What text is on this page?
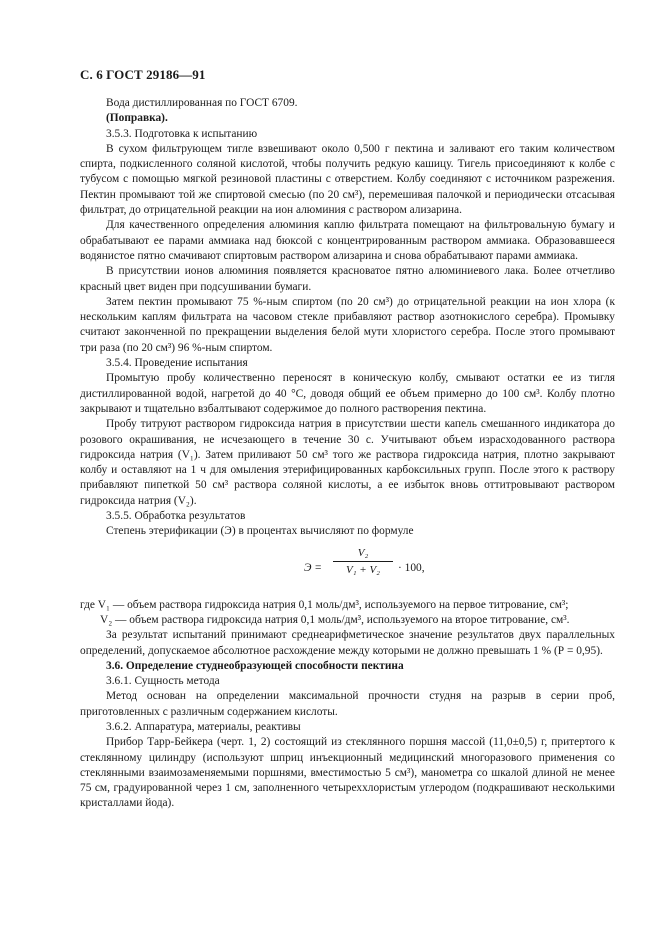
С. 6 ГОСТ 29186—91

Вода дистиллированная по ГОСТ 6709.

(Поправка).

3.5.3. Подготовка к испытанию

В сухом фильтрующем тигле взвешивают около 0,500 г пектина и заливают его таким количеством спирта, подкисленного соляной кислотой, чтобы получить редкую кашицу. Тигель присоединяют к колбе с тубусом с помощью мягкой резиновой пластины с отверстием. Колбу соединяют с источником разрежения. Пектин промывают той же спиртовой смесью (по 20 см³), перемешивая палочкой и периодически отсасывая фильтрат, до отрицательной реакции на ион алюминия с раствором ализарина.

Для качественного определения алюминия каплю фильтрата помещают на фильтровальную бумагу и обрабатывают ее парами аммиака над бюксой с концентрированным раствором аммиака. Образовавшееся водянистое пятно смачивают спиртовым раствором ализарина и снова обрабатывают парами аммиака.

В присутствии ионов алюминия появляется красноватое пятно алюминиевого лака. Более отчетливо красный цвет виден при подсушивании бумаги.

Затем пектин промывают 75 %-ным спиртом (по 20 см³) до отрицательной реакции на ион хлора (к нескольким каплям фильтрата на часовом стекле прибавляют раствор азотнокислого серебра). Промывку считают законченной по прекращении выделения белой мути хлористого серебра. После этого промывают три раза (по 20 см³) 96 %-ным спиртом.

3.5.4. Проведение испытания

Промытую пробу количественно переносят в коническую колбу, смывают остатки ее из тигля дистиллированной водой, нагретой до 40 °С, доводя общий ее объем примерно до 100 см³. Колбу плотно закрывают и тщательно взбалтывают содержимое до полного растворения пектина.

Пробу титруют раствором гидроксида натрия в присутствии шести капель смешанного индикатора до розового окрашивания, не исчезающего в течение 30 с. Учитывают объем израсходованного раствора гидроксида натрия (V₁). Затем приливают 50 см³ того же раствора гидроксида натрия, плотно закрывают колбу и оставляют на 1 ч для омыления этерифицированных карбоксильных групп. После этого к раствору прибавляют пипеткой 50 см³ раствора соляной кислоты, а ее избыток вновь оттитровывают раствором гидроксида натрия (V₂).

3.5.5. Обработка результатов

Степень этерификации (Э) в процентах вычисляют по формуле

Э =
V₂
V₁ + V₂	· 100,

где V₁ — объем раствора гидроксида натрия 0,1 моль/дм³, используемого на первое титрование, см³;

V₂ — объем раствора гидроксида натрия 0,1 моль/дм³, используемого на второе титрование, см³.

За результат испытаний принимают среднеарифметическое значение результатов двух параллельных определений, допускаемое абсолютное расхождение между которыми не должно превышать 1 % (Р = 0,95).

3.6. Определение студнеобразующей способности пектина

3.6.1. Сущность метода

Метод основан на определении максимальной прочности студня на разрыв в серии проб, приготовленных с различным содержанием кислоты.

3.6.2. Аппаратура, материалы, реактивы

Прибор Тарр-Бейкера (черт. 1, 2) состоящий из стеклянного поршня массой (11,0±0,5) г, притертого к стеклянному цилиндру (используют шприц инъекционный медицинский многоразового применения со стеклянными взаимозаменяемыми поршнями, вместимостью 5 см³), манометра со шкалой длиной не менее 75 см, градуированной через 1 см, заполненного четыреххлористым углеродом (подкрашивают несколькими кристаллами йода).
